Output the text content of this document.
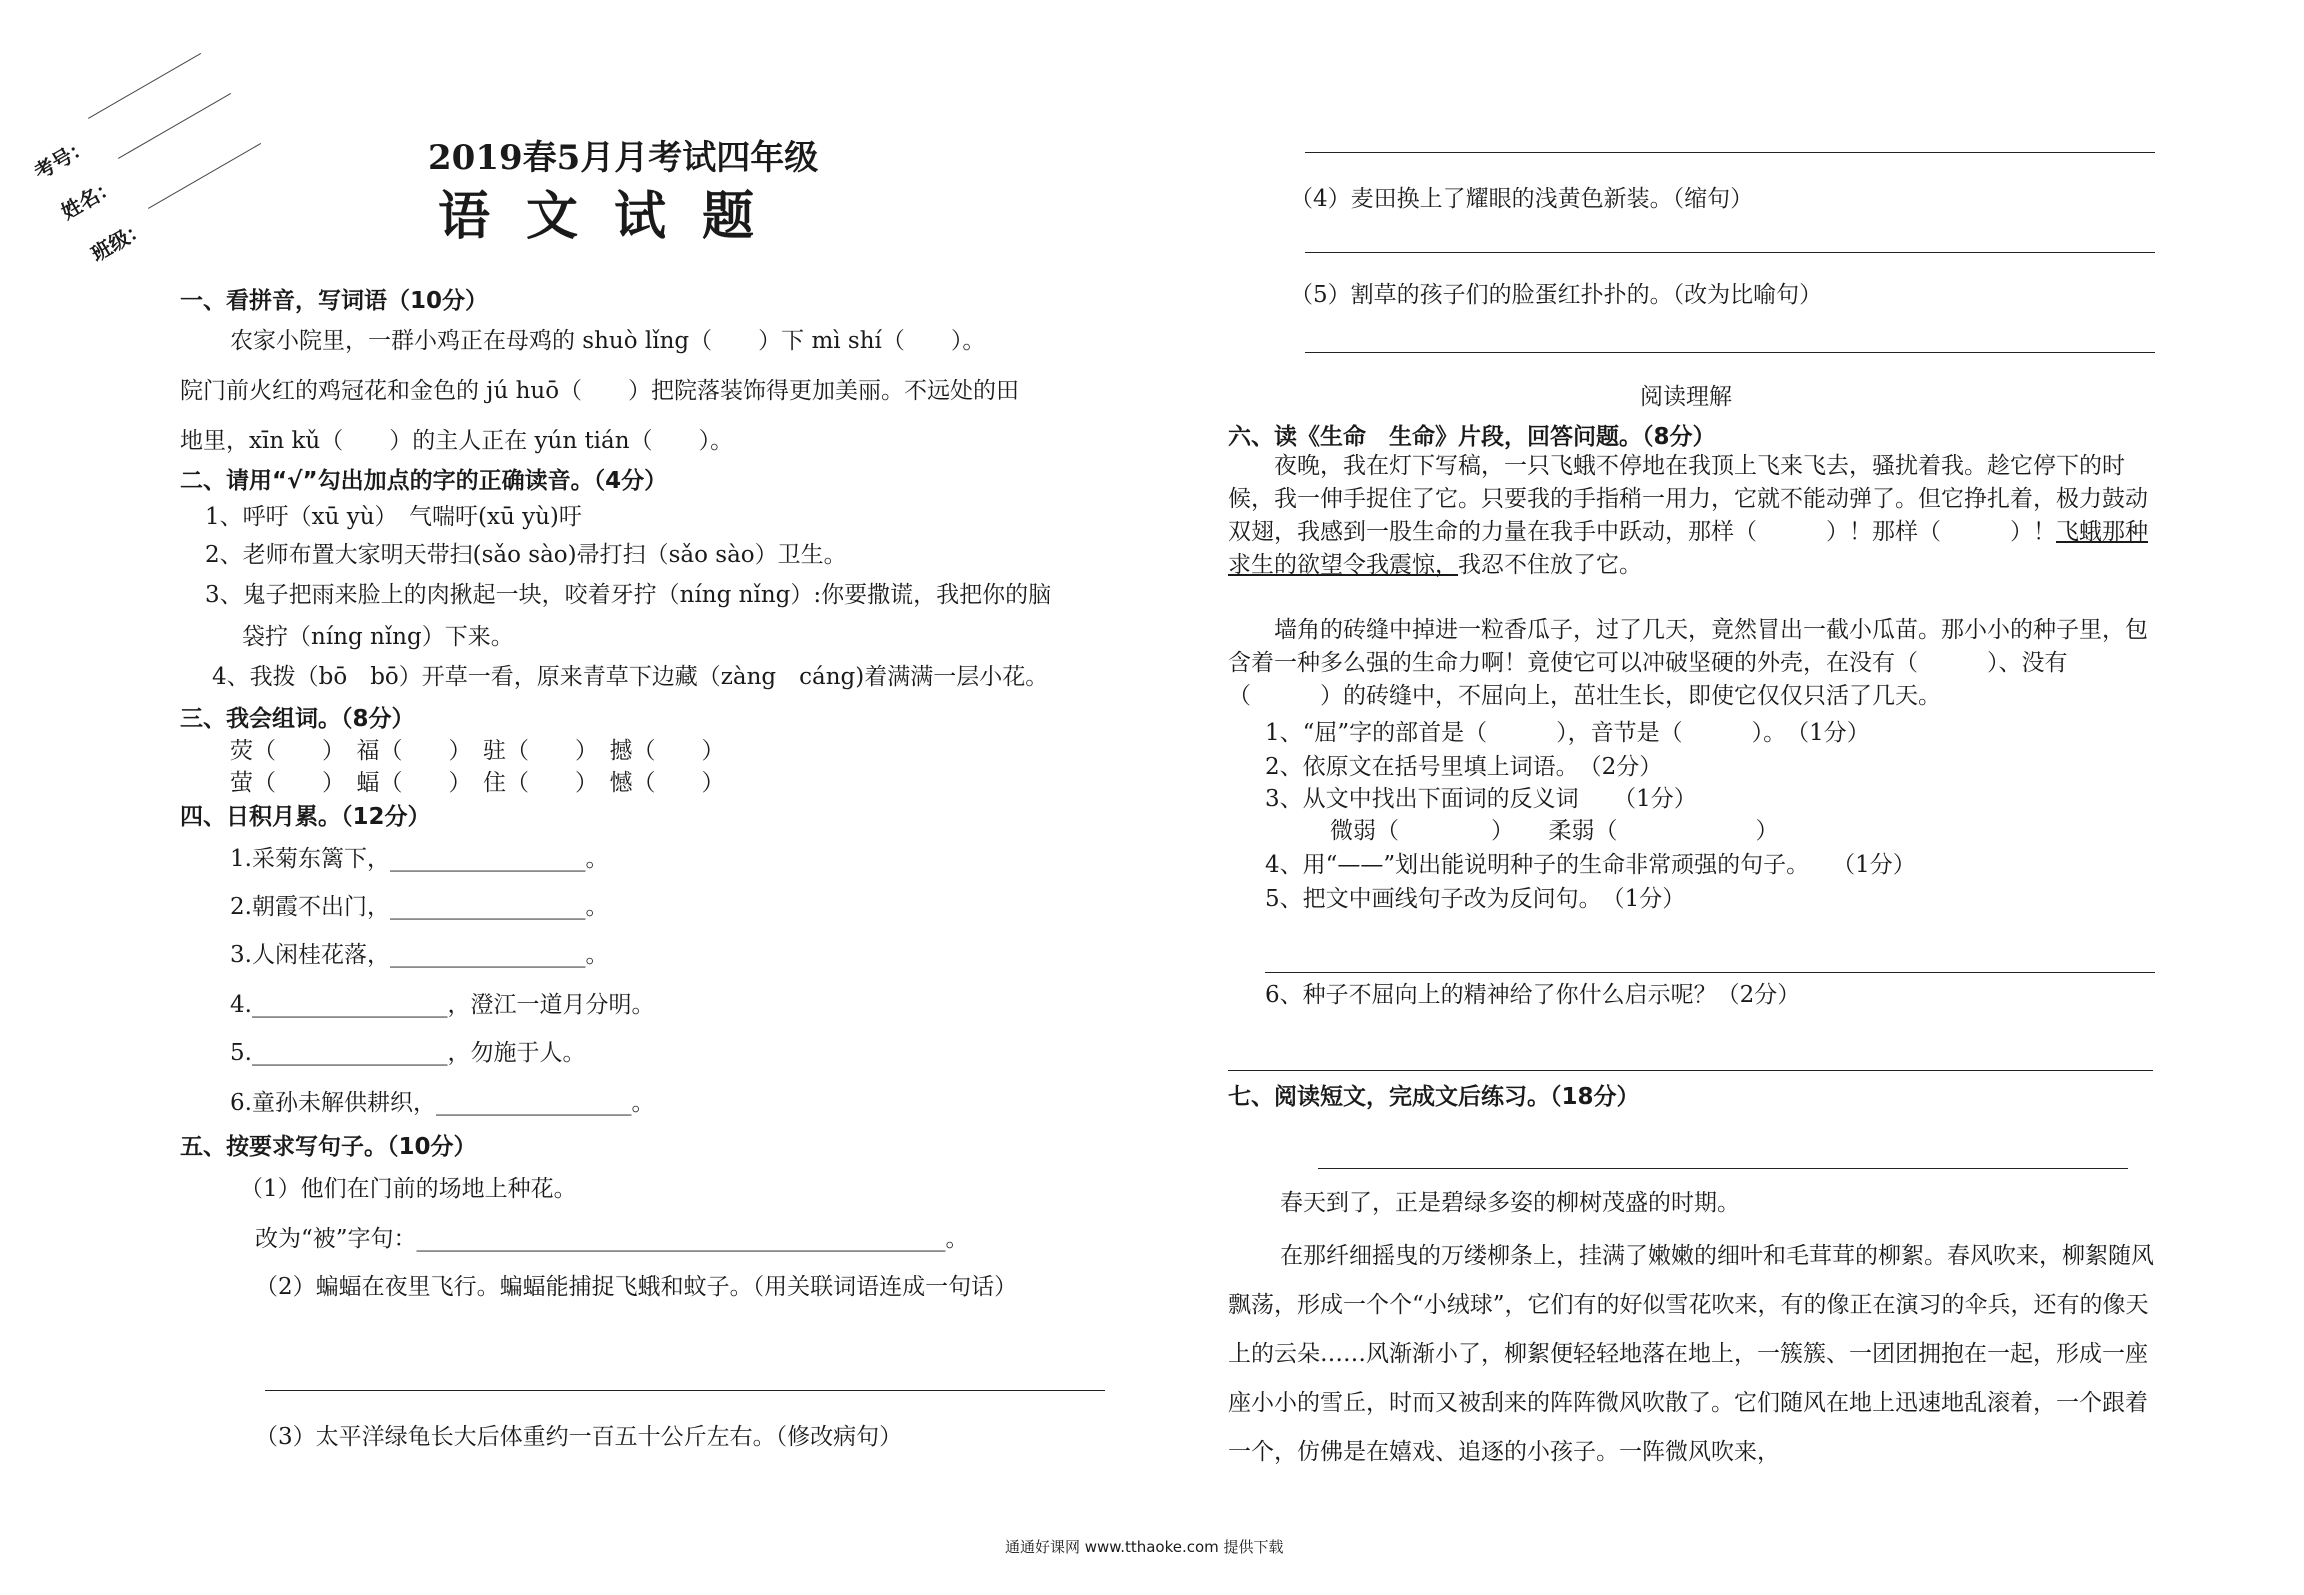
考号：
姓名：
班级：
2019春5月月考试四年级
语文试题
一、看拼音，写词语（10分）
农家小院里，一群小鸡正在母鸡的 shuò lǐng（　　）下 mì shí（　　）。
院门前火红的鸡冠花和金色的 jú huō（　　）把院落装饰得更加美丽。不远处的田
地里，xīn kǔ（　　）的主人正在 yún tián（　　）。
二、请用“√”勾出加点的字的正确读音。（4分）
1、呼吁（xū yù）　气喘吁(xū yù)吁
2、老师布置大家明天带扫(sǎo sào)帚打扫（sǎo sào）卫生。
3、鬼子把雨来脸上的肉揪起一块，咬着牙拧（níng nǐng）:你要撒谎，我把你的脑
袋拧（níng nǐng）下来。
4、我拨（bō　bō）开草一看，原来青草下边藏（zàng　cáng)着满满一层小花。
三、我会组词。（8分）
荧（　　）　福（　　）　驻（　　）　撼（　　）
萤（　　）　蝠（　　）　住（　　）　憾（　　）
四、日积月累。（12分）
1.采菊东篱下，_________________。
2.朝霞不出门，_________________。
3.人闲桂花落，_________________。
4._________________，澄江一道月分明。
5._________________，勿施于人。
6.童孙未解供耕织，_________________。
五、按要求写句子。（10分）
（1）他们在门前的场地上种花。
改为“被”字句：______________________________________________。
（2）蝙蝠在夜里飞行。蝙蝠能捕捉飞蛾和蚊子。（用关联词语连成一句话）
（3）太平洋绿龟长大后体重约一百五十公斤左右。（修改病句）
（4）麦田换上了耀眼的浅黄色新装。（缩句）
（5）割草的孩子们的脸蛋红扑扑的。（改为比喻句）
阅读理解
六、读《生命　生命》片段，回答问题。（8分）
夜晚，我在灯下写稿，一只飞蛾不停地在我顶上飞来飞去，骚扰着我。趁它停下的时候，我一伸手捉住了它。只要我的手指稍一用力，它就不能动弹了。但它挣扎着，极力鼓动双翅，我感到一股生命的力量在我手中跃动，那样（　　　）！那样（　　　）！飞蛾那种求生的欲望令我震惊，我忍不住放了它。
墙角的砖缝中掉进一粒香瓜子，过了几天，竟然冒出一截小瓜苗。那小小的种子里，包含着一种多么强的生命力啊！竟使它可以冲破坚硬的外壳，在没有（　　　）、没有（　　　）的砖缝中，不屈向上，茁壮生长，即使它仅仅只活了几天。
1、“屈”字的部首是（　　　），音节是（　　　）。　（1分）
2、依原文在括号里填上词语。　（2分）
3、从文中找出下面词的反义词　　（1分）
微弱（　　　　）　　柔弱（　　　　　　）
4、用“——”划出能说明种子的生命非常顽强的句子。　　（1分）
5、把文中画线句子改为反问句。　（1分）
6、种子不屈向上的精神给了你什么启示呢？（2分）
七、阅读短文，完成文后练习。（18分）
春天到了，正是碧绿多姿的柳树茂盛的时期。
在那纤细摇曳的万缕柳条上，挂满了嫩嫩的细叶和毛茸茸的柳絮。春风吹来，柳絮随风飘荡，形成一个个“小绒球”，它们有的好似雪花吹来，有的像正在演习的伞兵，还有的像天上的云朵……风渐渐小了，柳絮便轻轻地落在地上，一簇簇、一团团拥抱在一起，形成一座座小小的雪丘，时而又被刮来的阵阵微风吹散了。它们随风在地上迅速地乱滚着，一个跟着一个，仿佛是在嬉戏、追逐的小孩子。一阵微风吹来，
通通好课网 www.tthaoke.com 提供下载
